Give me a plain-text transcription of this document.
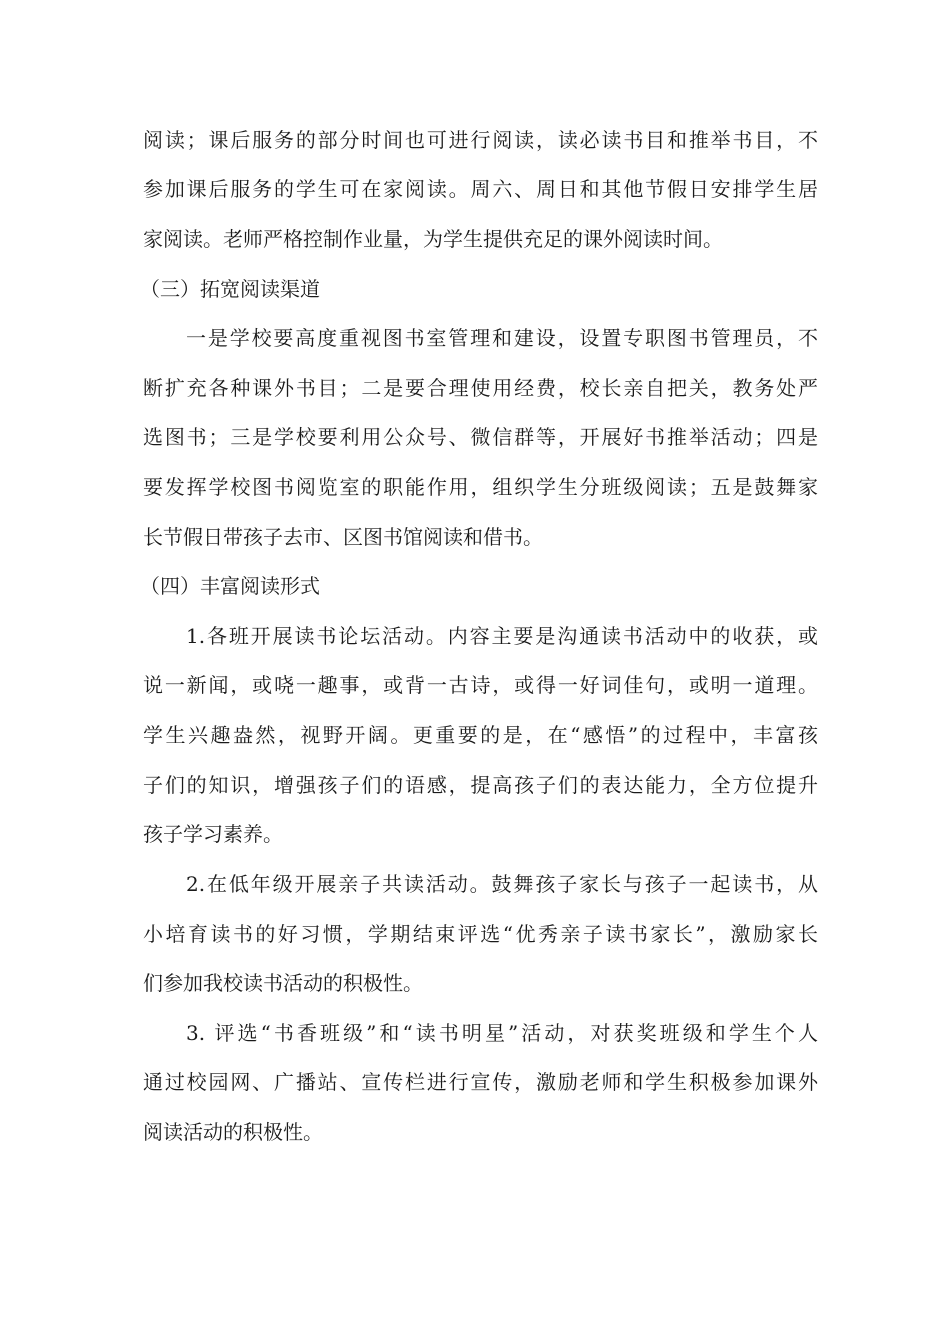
阅读；课后服务的部分时间也可进行阅读，读必读书目和推举书目，不
参加课后服务的学生可在家阅读。周六、周日和其他节假日安排学生居
家阅读。老师严格控制作业量，为学生提供充足的课外阅读时间。
（三）拓宽阅读渠道
一是学校要高度重视图书室管理和建设，设置专职图书管理员，不
断扩充各种课外书目；二是要合理使用经费，校长亲自把关，教务处严
选图书；三是学校要利用公众号、微信群等，开展好书推举活动；四是
要发挥学校图书阅览室的职能作用，组织学生分班级阅读；五是鼓舞家
长节假日带孩子去市、区图书馆阅读和借书。
（四）丰富阅读形式
1.各班开展读书论坛活动。内容主要是沟通读书活动中的收获，或
说一新闻，或哓一趣事，或背一古诗，或得一好词佳句，或明一道理。
学生兴趣盎然，视野开阔。更重要的是，在“感悟”的过程中，丰富孩
子们的知识，增强孩子们的语感，提高孩子们的表达能力，全方位提升
孩子学习素养。
2.在低年级开展亲子共读活动。鼓舞孩子家长与孩子一起读书，从
小培育读书的好习惯，学期结束评选“优秀亲子读书家长”，激励家长
们参加我校读书活动的积极性。
3. 评选“书香班级”和“读书明星”活动，对获奖班级和学生个人
通过校园网、广播站、宣传栏进行宣传，激励老师和学生积极参加课外
阅读活动的积极性。
